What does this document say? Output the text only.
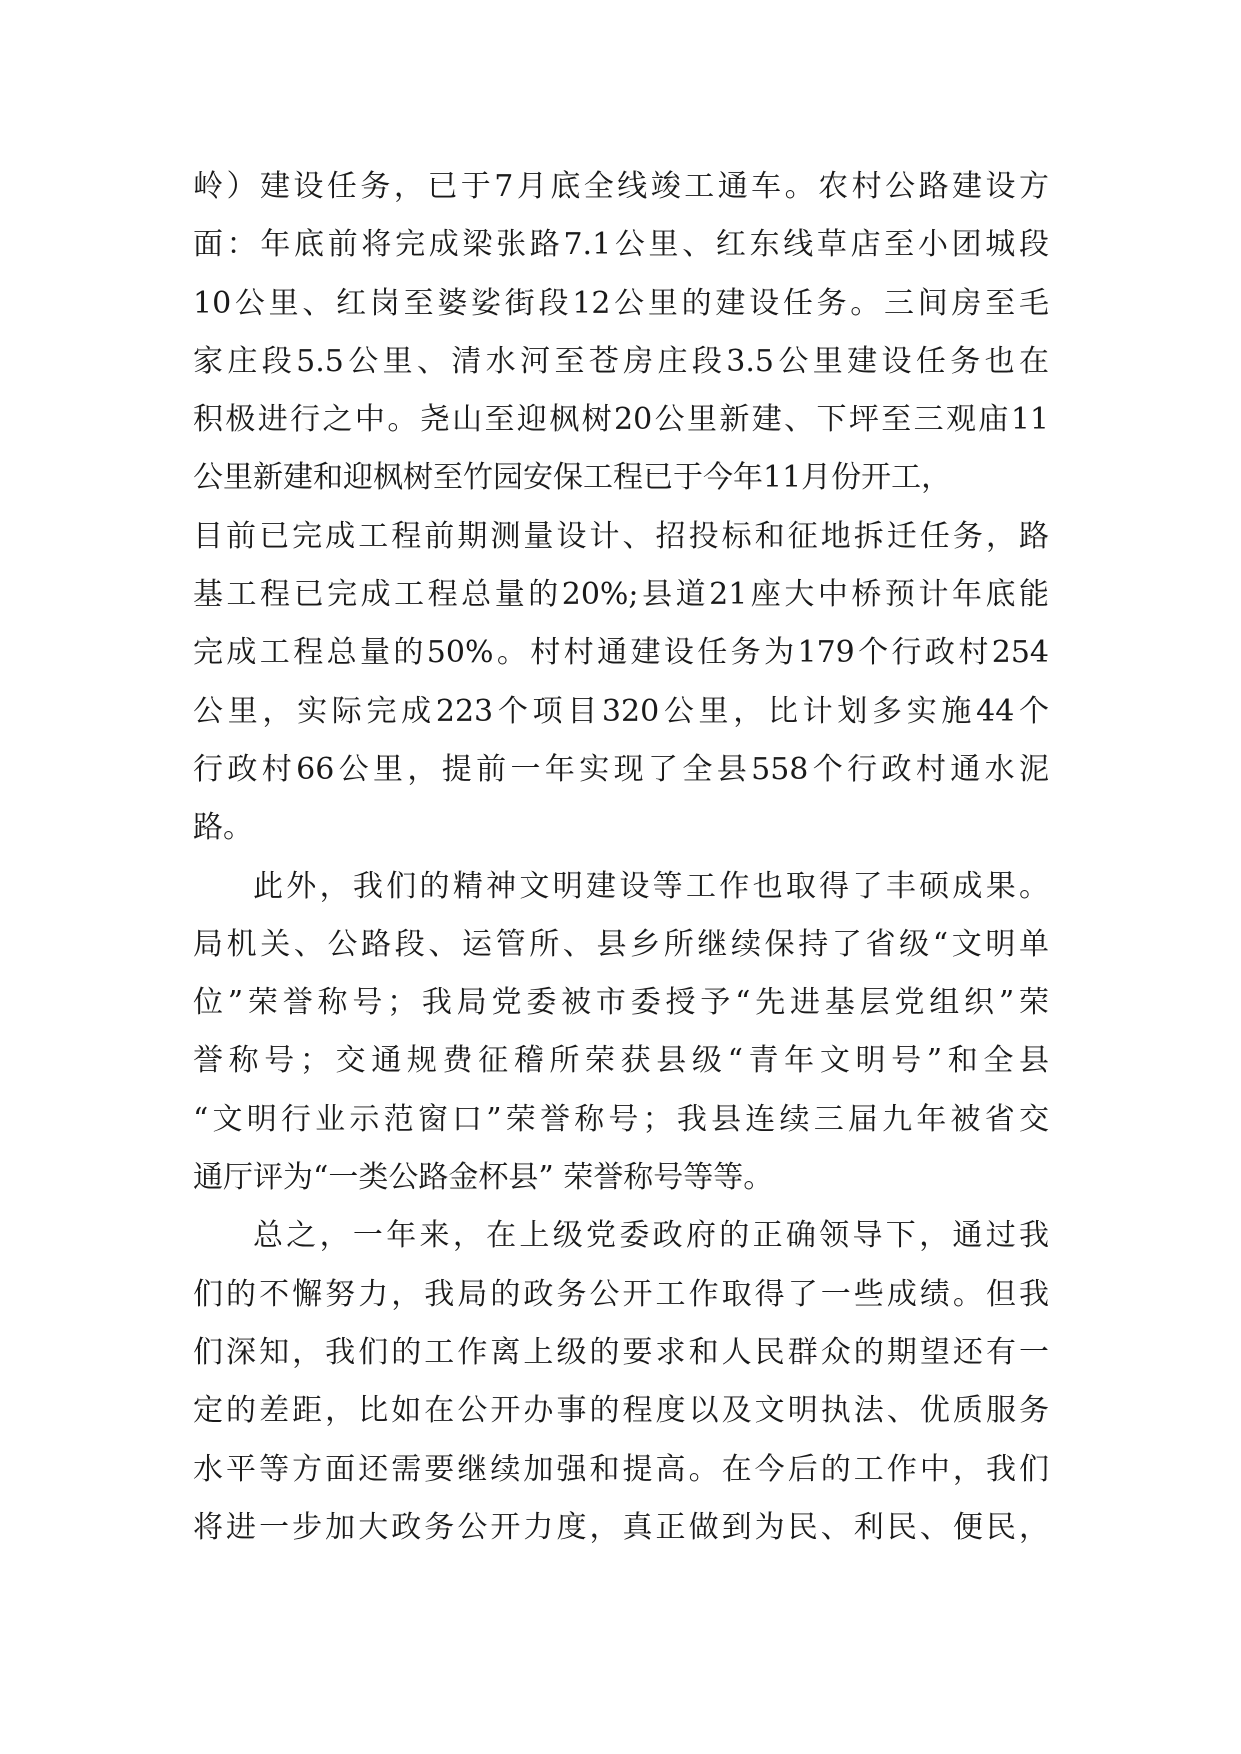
岭）建设任务，已于7月底全线竣工通车。农村公路建设方
面：年底前将完成梁张路7.1公里、红东线草店至小团城段
10公里、红岗至婆娑街段12公里的建设任务。三间房至毛
家庄段5.5公里、清水河至苍房庄段3.5公里建设任务也在
积极进行之中。尧山至迎枫树20公里新建、下坪至三观庙11
公里新建和迎枫树至竹园安保工程已于今年11月份开工，
目前已完成工程前期测量设计、招投标和征地拆迁任务，路
基工程已完成工程总量的20%;县道21座大中桥预计年底能
完成工程总量的50%。村村通建设任务为179个行政村254
公里，实际完成223个项目320公里，比计划多实施44个
行政村66公里，提前一年实现了全县558个行政村通水泥
路。
此外，我们的精神文明建设等工作也取得了丰硕成果。
局机关、公路段、运管所、县乡所继续保持了省级“文明单
位”荣誉称号；我局党委被市委授予“先进基层党组织”荣
誉称号；交通规费征稽所荣获县级“青年文明号”和全县
“文明行业示范窗口”荣誉称号；我县连续三届九年被省交
通厅评为“一类公路金杯县” 荣誉称号等等。
总之，一年来，在上级党委政府的正确领导下，通过我
们的不懈努力，我局的政务公开工作取得了一些成绩。但我
们深知，我们的工作离上级的要求和人民群众的期望还有一
定的差距，比如在公开办事的程度以及文明执法、优质服务
水平等方面还需要继续加强和提高。在今后的工作中，我们
将进一步加大政务公开力度，真正做到为民、利民、便民，
